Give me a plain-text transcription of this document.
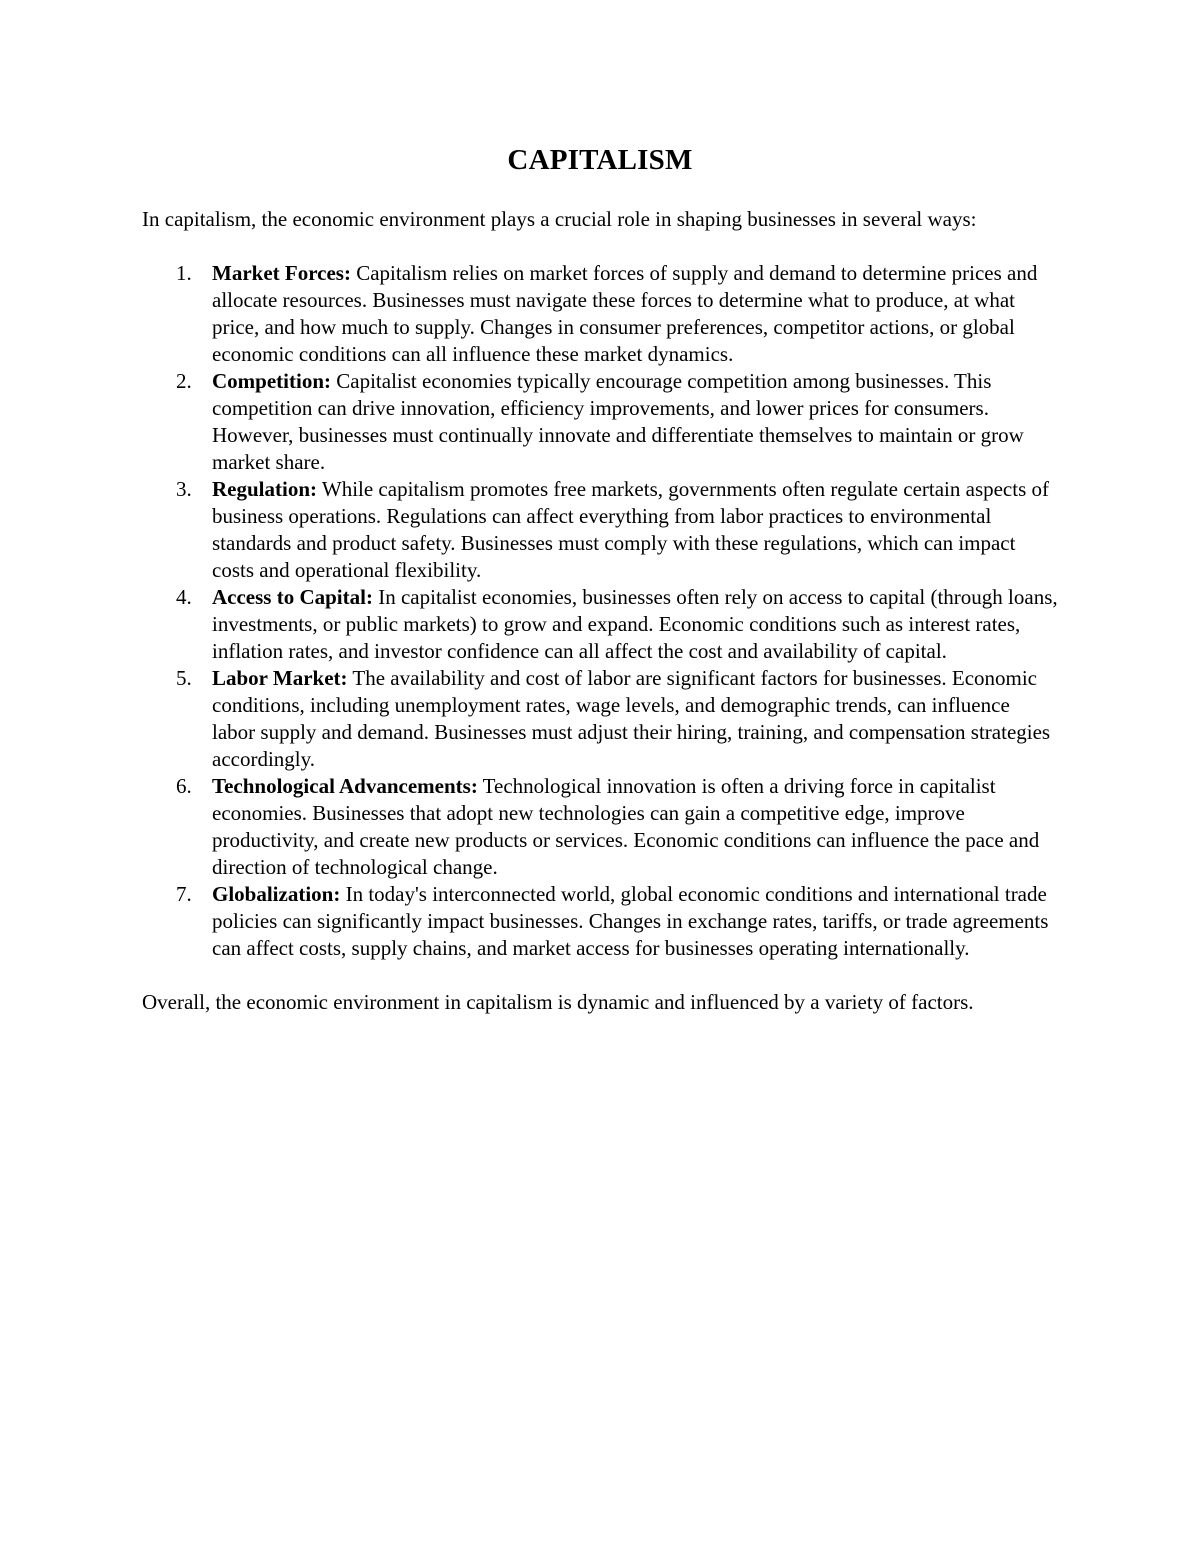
CAPITALISM

In capitalism, the economic environment plays a crucial role in shaping businesses in several ways:

1. Market Forces: Capitalism relies on market forces of supply and demand to determine prices and allocate resources. Businesses must navigate these forces to determine what to produce, at what price, and how much to supply. Changes in consumer preferences, competitor actions, or global economic conditions can all influence these market dynamics.
2. Competition: Capitalist economies typically encourage competition among businesses. This competition can drive innovation, efficiency improvements, and lower prices for consumers. However, businesses must continually innovate and differentiate themselves to maintain or grow market share.
3. Regulation: While capitalism promotes free markets, governments often regulate certain aspects of business operations. Regulations can affect everything from labor practices to environmental standards and product safety. Businesses must comply with these regulations, which can impact costs and operational flexibility.
4. Access to Capital: In capitalist economies, businesses often rely on access to capital (through loans, investments, or public markets) to grow and expand. Economic conditions such as interest rates, inflation rates, and investor confidence can all affect the cost and availability of capital.
5. Labor Market: The availability and cost of labor are significant factors for businesses. Economic conditions, including unemployment rates, wage levels, and demographic trends, can influence labor supply and demand. Businesses must adjust their hiring, training, and compensation strategies accordingly.
6. Technological Advancements: Technological innovation is often a driving force in capitalist economies. Businesses that adopt new technologies can gain a competitive edge, improve productivity, and create new products or services. Economic conditions can influence the pace and direction of technological change.
7. Globalization: In today's interconnected world, global economic conditions and international trade policies can significantly impact businesses. Changes in exchange rates, tariffs, or trade agreements can affect costs, supply chains, and market access for businesses operating internationally.

Overall, the economic environment in capitalism is dynamic and influenced by a variety of factors.
